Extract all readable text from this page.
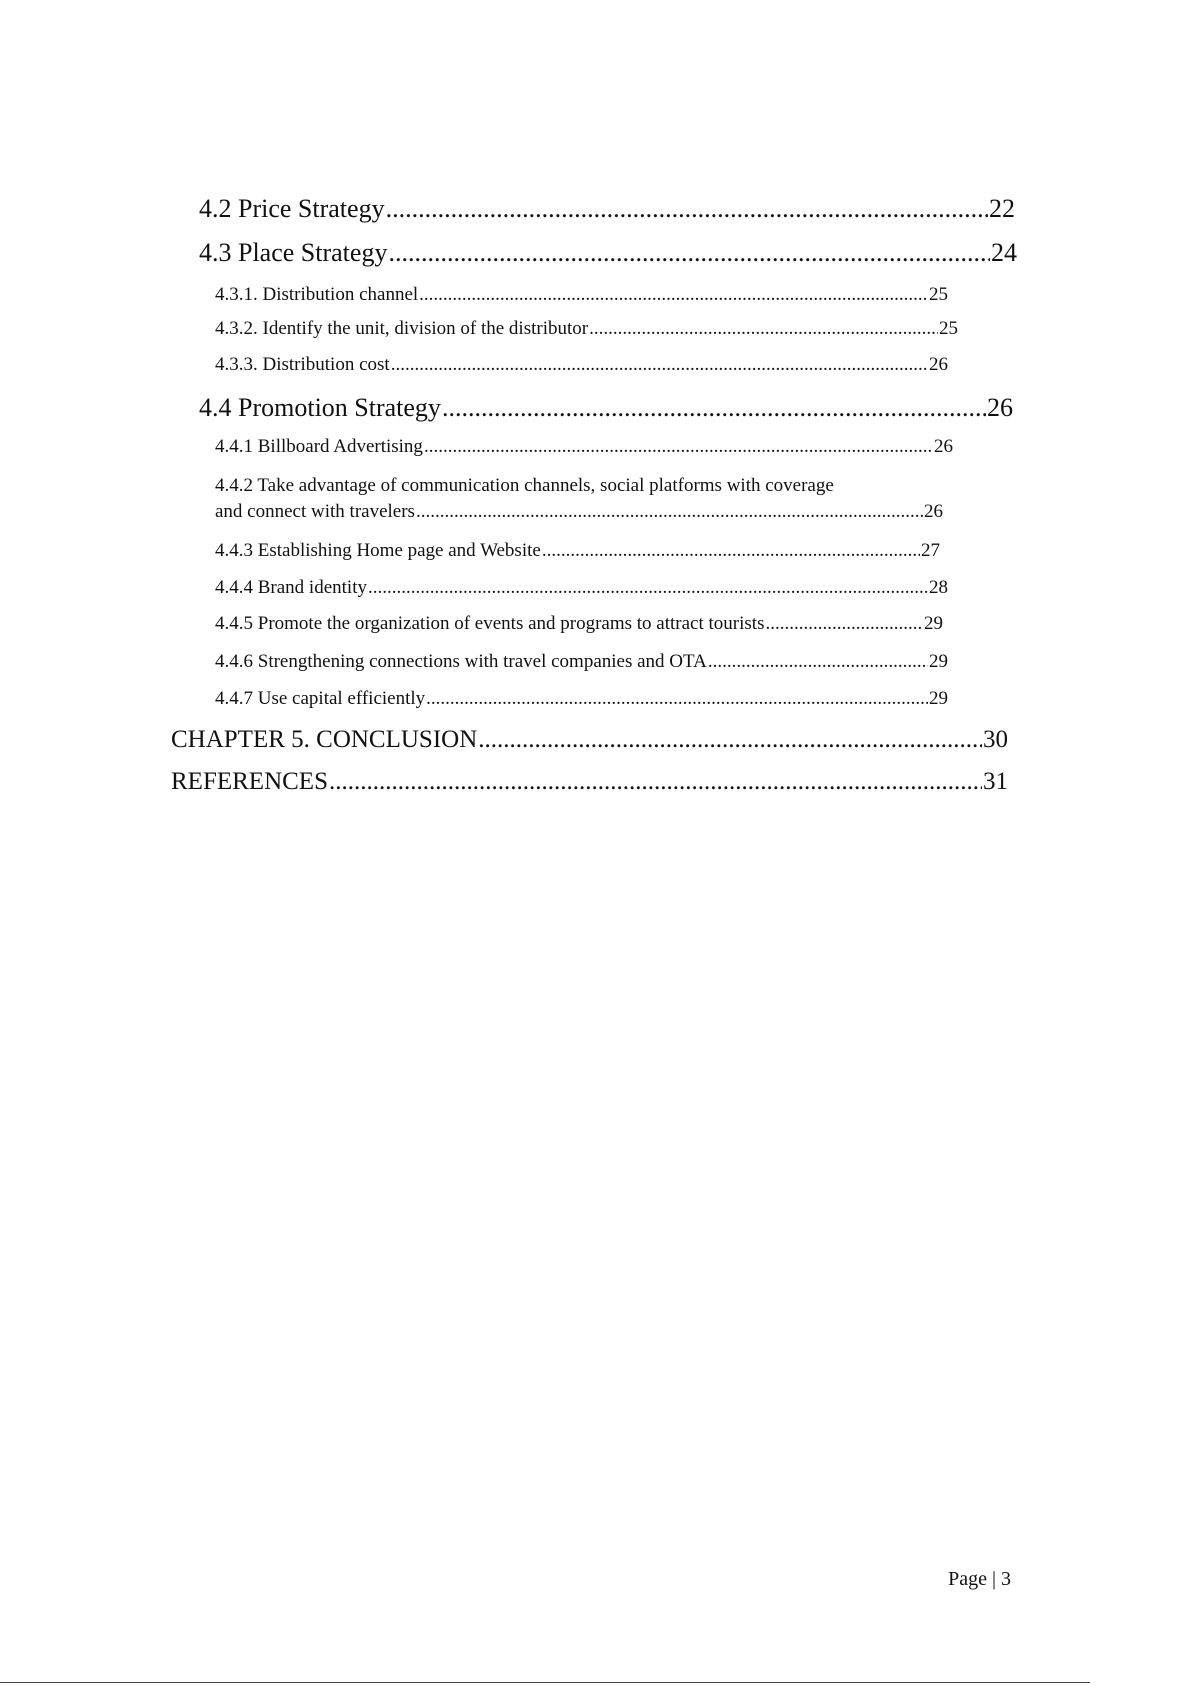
4.2 Price Strategy .....	22
4.3 Place Strategy .....	24
4.3.1. Distribution channel .....	25
4.3.2. Identify the unit, division of the distributor .....	25
4.3.3. Distribution cost .....	26
4.4 Promotion Strategy .....	26
4.4.1 Billboard Advertising .....	26
4.4.2 Take advantage of communication channels, social platforms with coverage
and connect with travelers .....	26
4.4.3 Establishing Home page and Website .....	27
4.4.4 Brand identity .....	28
4.4.5 Promote the organization of events and programs to attract tourists .....	29
4.4.6 Strengthening connections with travel companies and OTA .....	29
4.4.7 Use capital efficiently .....	29
CHAPTER 5. CONCLUSION .....	30
REFERENCES .....	31
Page | 3
